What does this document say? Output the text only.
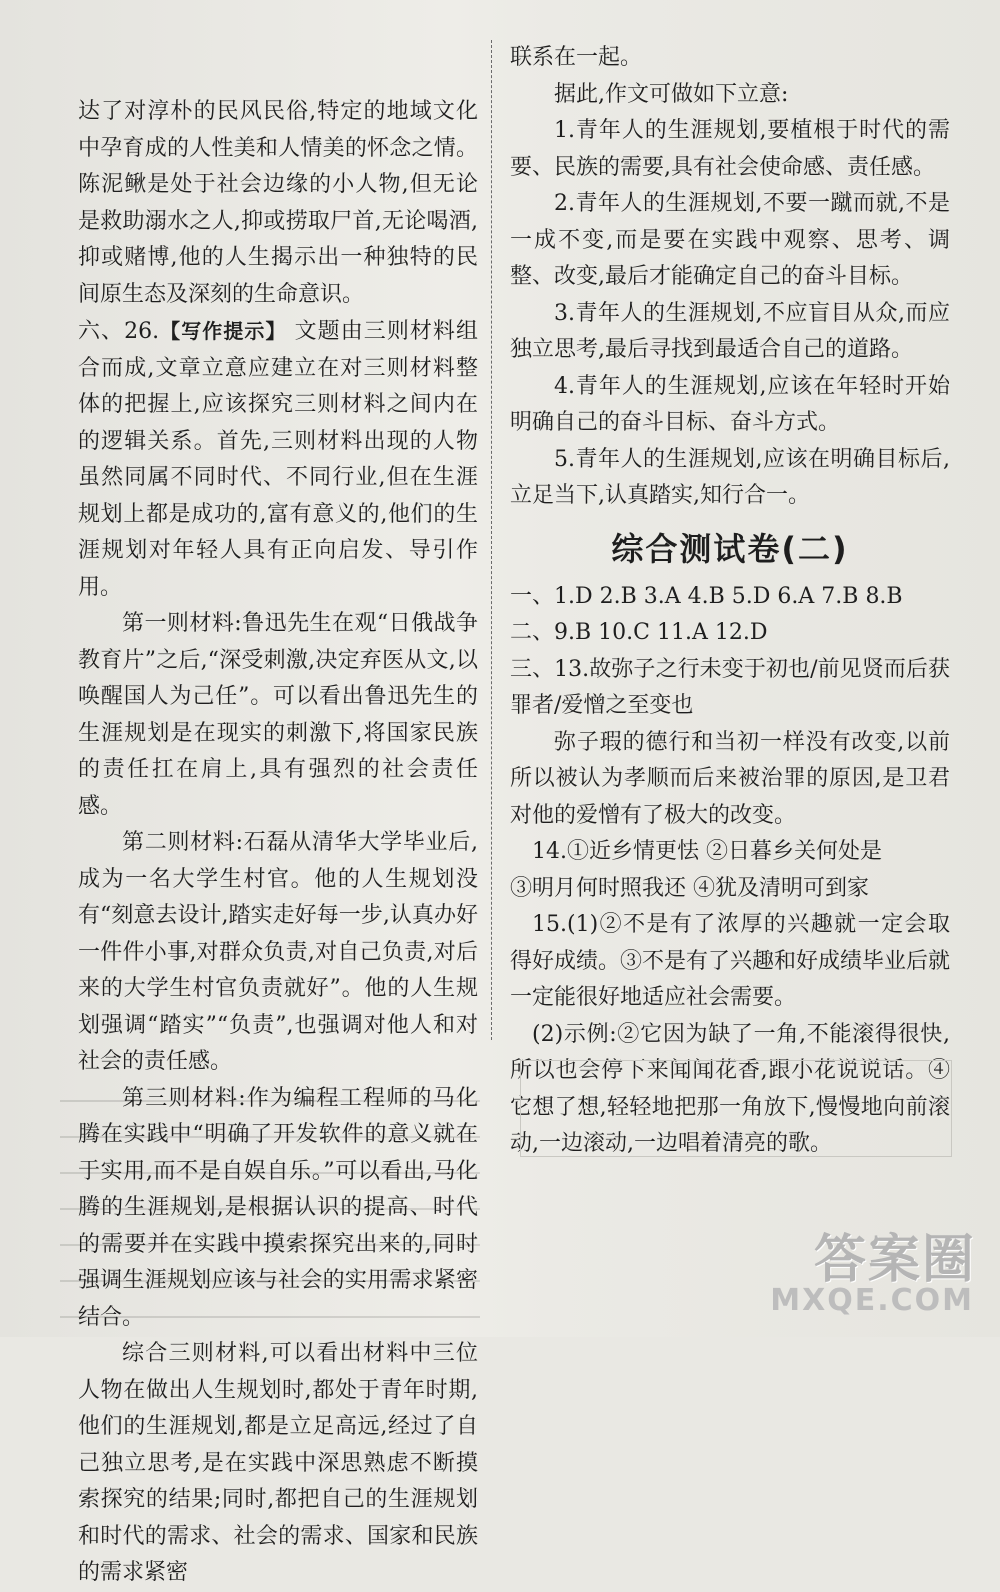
达了对淳朴的民风民俗,特定的地域文化中孕育成的人性美和人情美的怀念之情。陈泥鳅是处于社会边缘的小人物,但无论是救助溺水之人,抑或捞取尸首,无论喝酒,抑或赌博,他的人生揭示出一种独特的民间原生态及深刻的生命意识。

六、26.【写作提示】 文题由三则材料组合而成,文章立意应建立在对三则材料整体的把握上,应该探究三则材料之间内在的逻辑关系。首先,三则材料出现的人物虽然同属不同时代、不同行业,但在生涯规划上都是成功的,富有意义的,他们的生涯规划对年轻人具有正向启发、导引作用。

第一则材料:鲁迅先生在观“日俄战争教育片”之后,“深受刺激,决定弃医从文,以唤醒国人为己任”。可以看出鲁迅先生的生涯规划是在现实的刺激下,将国家民族的责任扛在肩上,具有强烈的社会责任感。

第二则材料:石磊从清华大学毕业后,成为一名大学生村官。他的人生规划没有“刻意去设计,踏实走好每一步,认真办好一件件小事,对群众负责,对自己负责,对后来的大学生村官负责就好”。他的人生规划强调“踏实”“负责”,也强调对他人和对社会的责任感。

第三则材料:作为编程工程师的马化腾在实践中“明确了开发软件的意义就在于实用,而不是自娱自乐。”可以看出,马化腾的生涯规划,是根据认识的提高、时代的需要并在实践中摸索探究出来的,同时强调生涯规划应该与社会的实用需求紧密结合。

综合三则材料,可以看出材料中三位人物在做出人生规划时,都处于青年时期,他们的生涯规划,都是立足高远,经过了自己独立思考,是在实践中深思熟虑不断摸索探究的结果;同时,都把自己的生涯规划和时代的需求、社会的需求、国家和民族的需求紧密

联系在一起。

据此,作文可做如下立意:

1.青年人的生涯规划,要植根于时代的需要、民族的需要,具有社会使命感、责任感。

2.青年人的生涯规划,不要一蹴而就,不是一成不变,而是要在实践中观察、思考、调整、改变,最后才能确定自己的奋斗目标。

3.青年人的生涯规划,不应盲目从众,而应独立思考,最后寻找到最适合自己的道路。

4.青年人的生涯规划,应该在年轻时开始明确自己的奋斗目标、奋斗方式。

5.青年人的生涯规划,应该在明确目标后,立足当下,认真踏实,知行合一。

综合测试卷(二)

一、1.D 2.B 3.A 4.B 5.D 6.A 7.B 8.B

二、9.B 10.C 11.A 12.D

三、13.故弥子之行未变于初也/前见贤而后获罪者/爱憎之至变也

弥子瑕的德行和当初一样没有改变,以前所以被认为孝顺而后来被治罪的原因,是卫君对他的爱憎有了极大的改变。

14.①近乡情更怯 ②日暮乡关何处是

③明月何时照我还 ④犹及清明可到家

15.(1)②不是有了浓厚的兴趣就一定会取得好成绩。③不是有了兴趣和好成绩毕业后就一定能很好地适应社会需要。

(2)示例:②它因为缺了一角,不能滚得很快,所以也会停下来闻闻花香,跟小花说说话。④它想了想,轻轻地把那一角放下,慢慢地向前滚动,一边滚动,一边唱着清亮的歌。

答案圈
MXQE.COM
